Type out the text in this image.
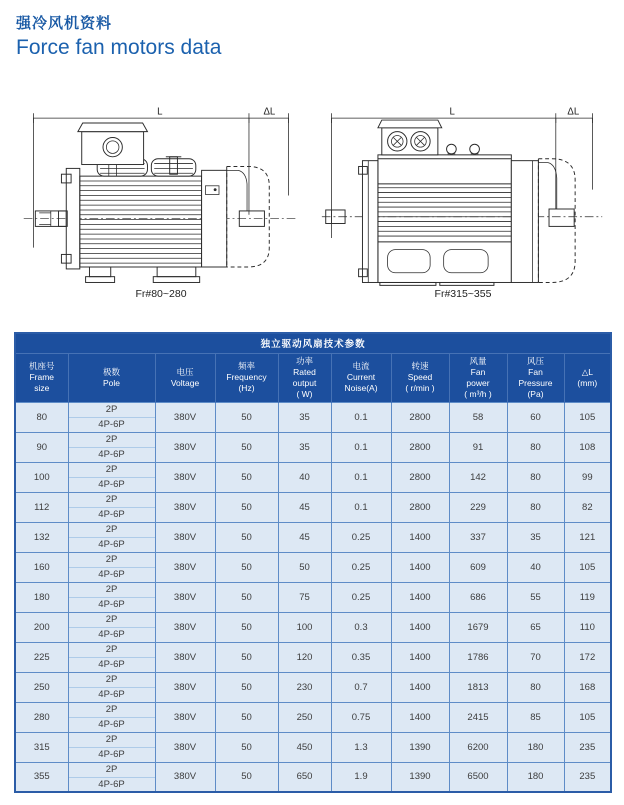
强冷风机资料
Force fan motors data
L	ΔL
Fr#80~280
L	ΔL
Fr#315~355
独立驱动风扇技术参数									
机座号
Frame
size	极数
Pole	电压
Voltage	频率
Frequency
(Hz)	功率
Rated
output
( W)	电流
Current
Noise(A)	转速
Speed
( r/min )	风量
Fan
power
( m³/h )	风压
Fan
Pressure
(Pa)	△L
(mm)
80	2P	380V	50	35	0.1	2800	58	60	105
	4P-6P								
90	2P	380V	50	35	0.1	2800	91	80	108
	4P-6P								
100	2P	380V	50	40	0.1	2800	142	80	99
	4P-6P								
112	2P	380V	50	45	0.1	2800	229	80	82
	4P-6P								
132	2P	380V	50	45	0.25	1400	337	35	121
	4P-6P								
160	2P	380V	50	50	0.25	1400	609	40	105
	4P-6P								
180	2P	380V	50	75	0.25	1400	686	55	119
	4P-6P								
200	2P	380V	50	100	0.3	1400	1679	65	110
	4P-6P								
225	2P	380V	50	120	0.35	1400	1786	70	172
	4P-6P								
250	2P	380V	50	230	0.7	1400	1813	80	168
	4P-6P								
280	2P	380V	50	250	0.75	1400	2415	85	105
	4P-6P								
315	2P	380V	50	450	1.3	1390	6200	180	235
	4P-6P								
355	2P	380V	50	650	1.9	1390	6500	180	235
	4P-6P								
